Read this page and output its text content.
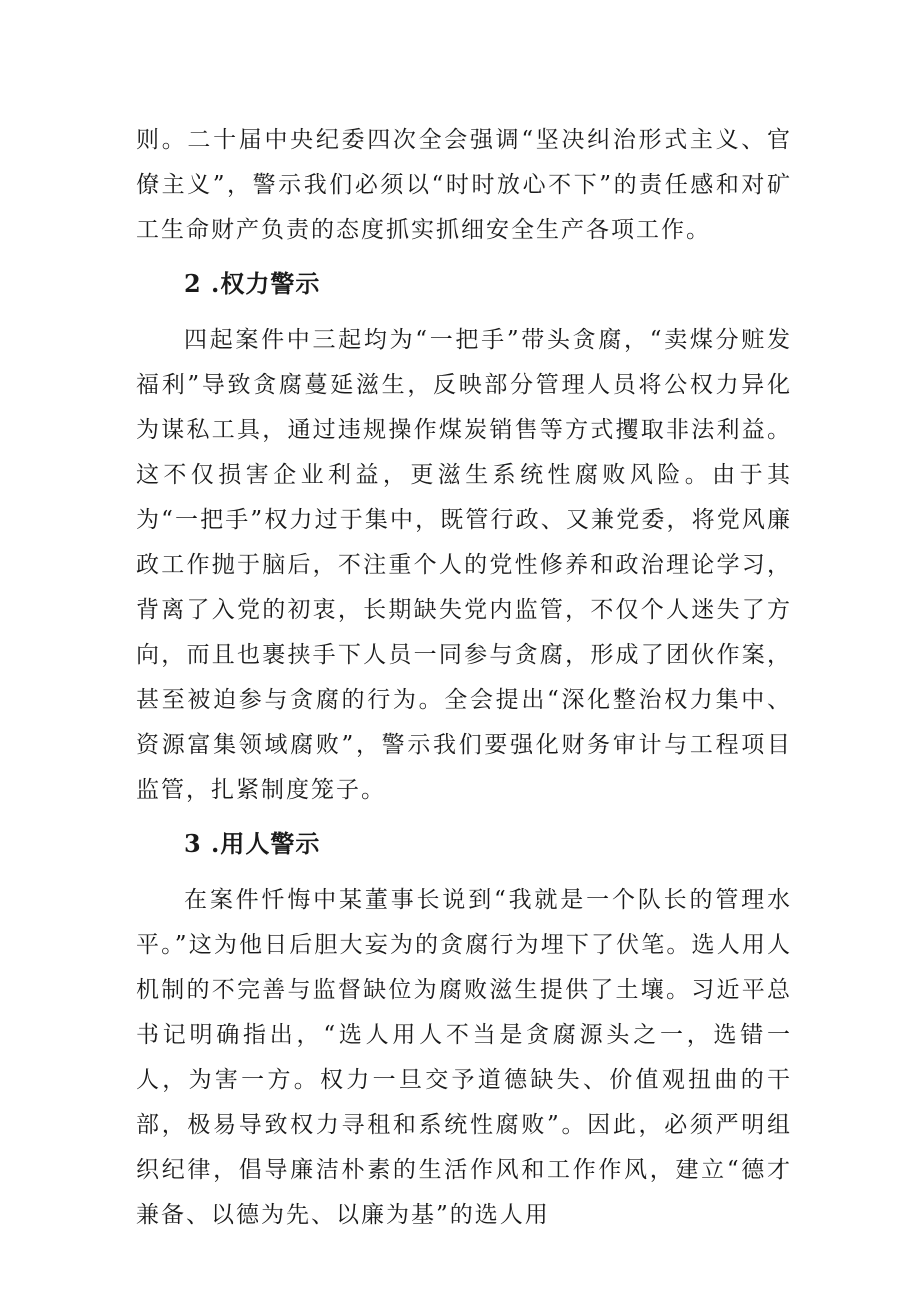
则。二十届中央纪委四次全会强调“坚决纠治形式主义、官僚主义”，警示我们必须以“时时放心不下”的责任感和对矿工生命财产负责的态度抓实抓细安全生产各项工作。

2 .权力警示

四起案件中三起均为“一把手”带头贪腐，“卖煤分赃发福利”导致贪腐蔓延滋生，反映部分管理人员将公权力异化为谋私工具，通过违规操作煤炭销售等方式攫取非法利益。这不仅损害企业利益，更滋生系统性腐败风险。由于其为“一把手”权力过于集中，既管行政、又兼党委，将党风廉政工作抛于脑后，不注重个人的党性修养和政治理论学习，背离了入党的初衷，长期缺失党内监管，不仅个人迷失了方向，而且也裹挟手下人员一同参与贪腐，形成了团伙作案，甚至被迫参与贪腐的行为。全会提出“深化整治权力集中、资源富集领域腐败”，警示我们要强化财务审计与工程项目监管，扎紧制度笼子。

3 .用人警示

在案件忏悔中某董事长说到“我就是一个队长的管理水平。”这为他日后胆大妄为的贪腐行为埋下了伏笔。选人用人机制的不完善与监督缺位为腐败滋生提供了土壤。习近平总书记明确指出，“选人用人不当是贪腐源头之一，选错一人，为害一方。权力一旦交予道德缺失、价值观扭曲的干部，极易导致权力寻租和系统性腐败”。因此，必须严明组织纪律，倡导廉洁朴素的生活作风和工作作风，建立“德才兼备、以德为先、以廉为基”的选人用
